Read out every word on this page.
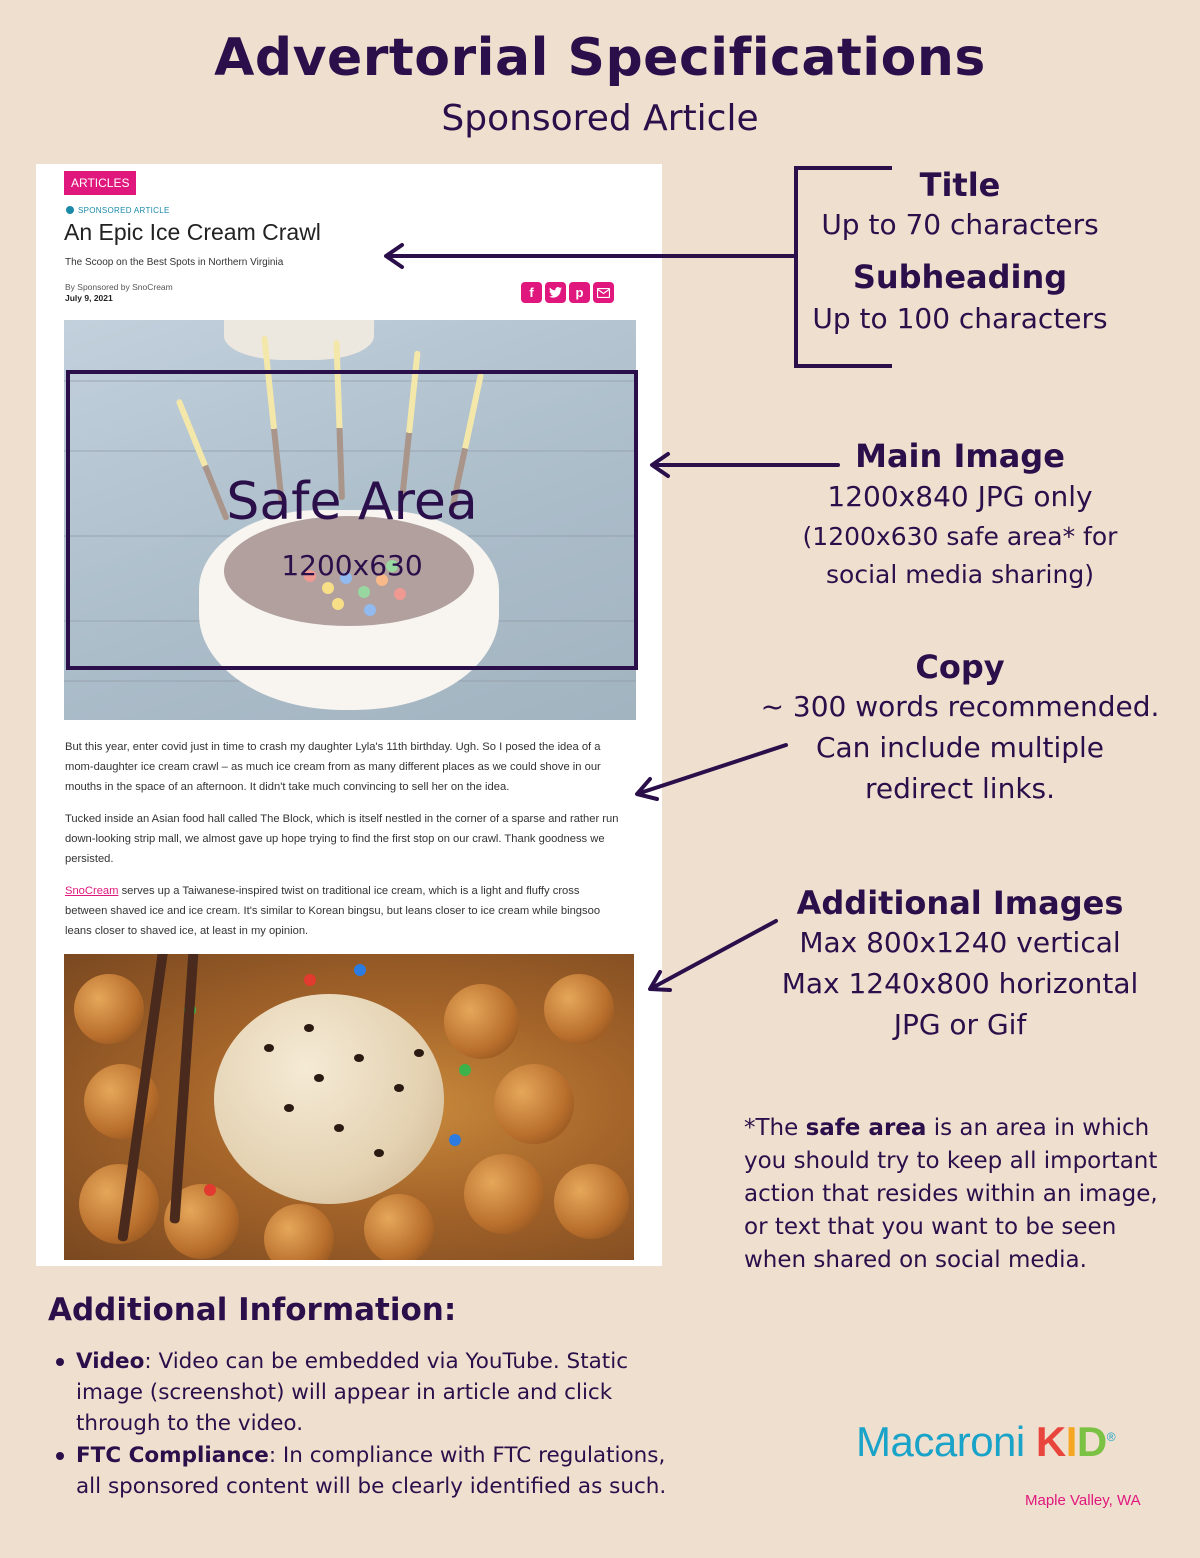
Advertorial Specifications
Sponsored Article
ARTICLES
SPONSORED ARTICLE
An Epic Ice Cream Crawl
The Scoop on the Best Spots in Northern Virginia
By Sponsored by SnoCream
July 9, 2021	f	p
Safe Area
1200x630
But this year, enter covid just in time to crash my daughter Lyla's 11th birthday. Ugh. So I posed the idea of a mom-daughter ice cream crawl – as much ice cream from as many different places as we could shove in our mouths in the space of an afternoon. It didn't take much convincing to sell her on the idea.
Tucked inside an Asian food hall called The Block, which is itself nestled in the corner of a sparse and rather run down-looking strip mall, we almost gave up hope trying to find the first stop on our crawl. Thank goodness we persisted.
SnoCream serves up a Taiwanese-inspired twist on traditional ice cream, which is a light and fluffy cross between shaved ice and ice cream. It's similar to Korean bingsu, but leans closer to ice cream while bingsoo leans closer to shaved ice, at least in my opinion.
Title
Up to 70 characters
Subheading
Up to 100 characters
Main Image
1200x840 JPG only
(1200x630 safe area* for
social media sharing)
Copy
~ 300 words recommended.
Can include multiple
redirect links.
Additional Images
Max 800x1240 vertical
Max 1240x800 horizontal
JPG or Gif
*The safe area is an area in which you should try to keep all important action that resides within an image, or text that you want to be seen when shared on social media.
Additional Information:
Video: Video can be embedded via YouTube. Static image (screenshot) will appear in article and click through to the video.
FTC Compliance: In compliance with FTC regulations, all sponsored content will be clearly identified as such.
Macaroni KID®
Maple Valley, WA
